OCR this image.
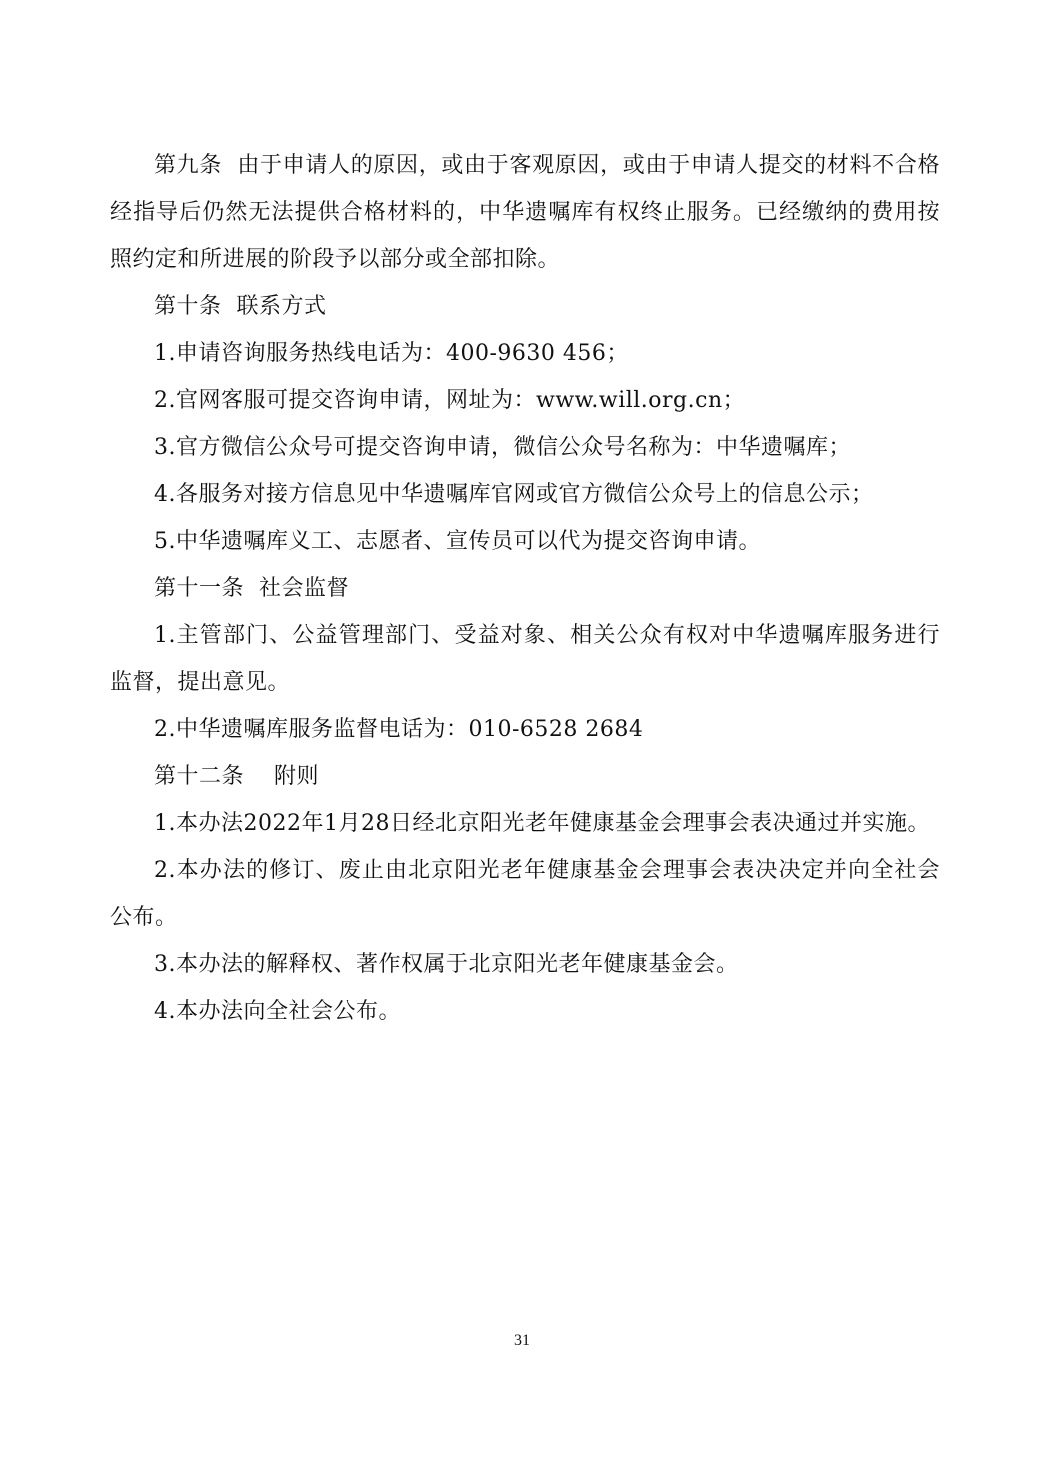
第九条  由于申请人的原因，或由于客观原因，或由于申请人提交的材料不合格经指导后仍然无法提供合格材料的，中华遗嘱库有权终止服务。已经缴纳的费用按照约定和所进展的阶段予以部分或全部扣除。

第十条  联系方式

1.申请咨询服务热线电话为：400-9630 456；

2.官网客服可提交咨询申请，网址为：www.will.org.cn；

3.官方微信公众号可提交咨询申请，微信公众号名称为：中华遗嘱库；

4.各服务对接方信息见中华遗嘱库官网或官方微信公众号上的信息公示；

5.中华遗嘱库义工、志愿者、宣传员可以代为提交咨询申请。

第十一条  社会监督

1.主管部门、公益管理部门、受益对象、相关公众有权对中华遗嘱库服务进行监督，提出意见。

2.中华遗嘱库服务监督电话为：010-6528 2684

第十二条    附则

1.本办法2022年1月28日经北京阳光老年健康基金会理事会表决通过并实施。

2.本办法的修订、废止由北京阳光老年健康基金会理事会表决决定并向全社会公布。

3.本办法的解释权、著作权属于北京阳光老年健康基金会。

4.本办法向全社会公布。

31
